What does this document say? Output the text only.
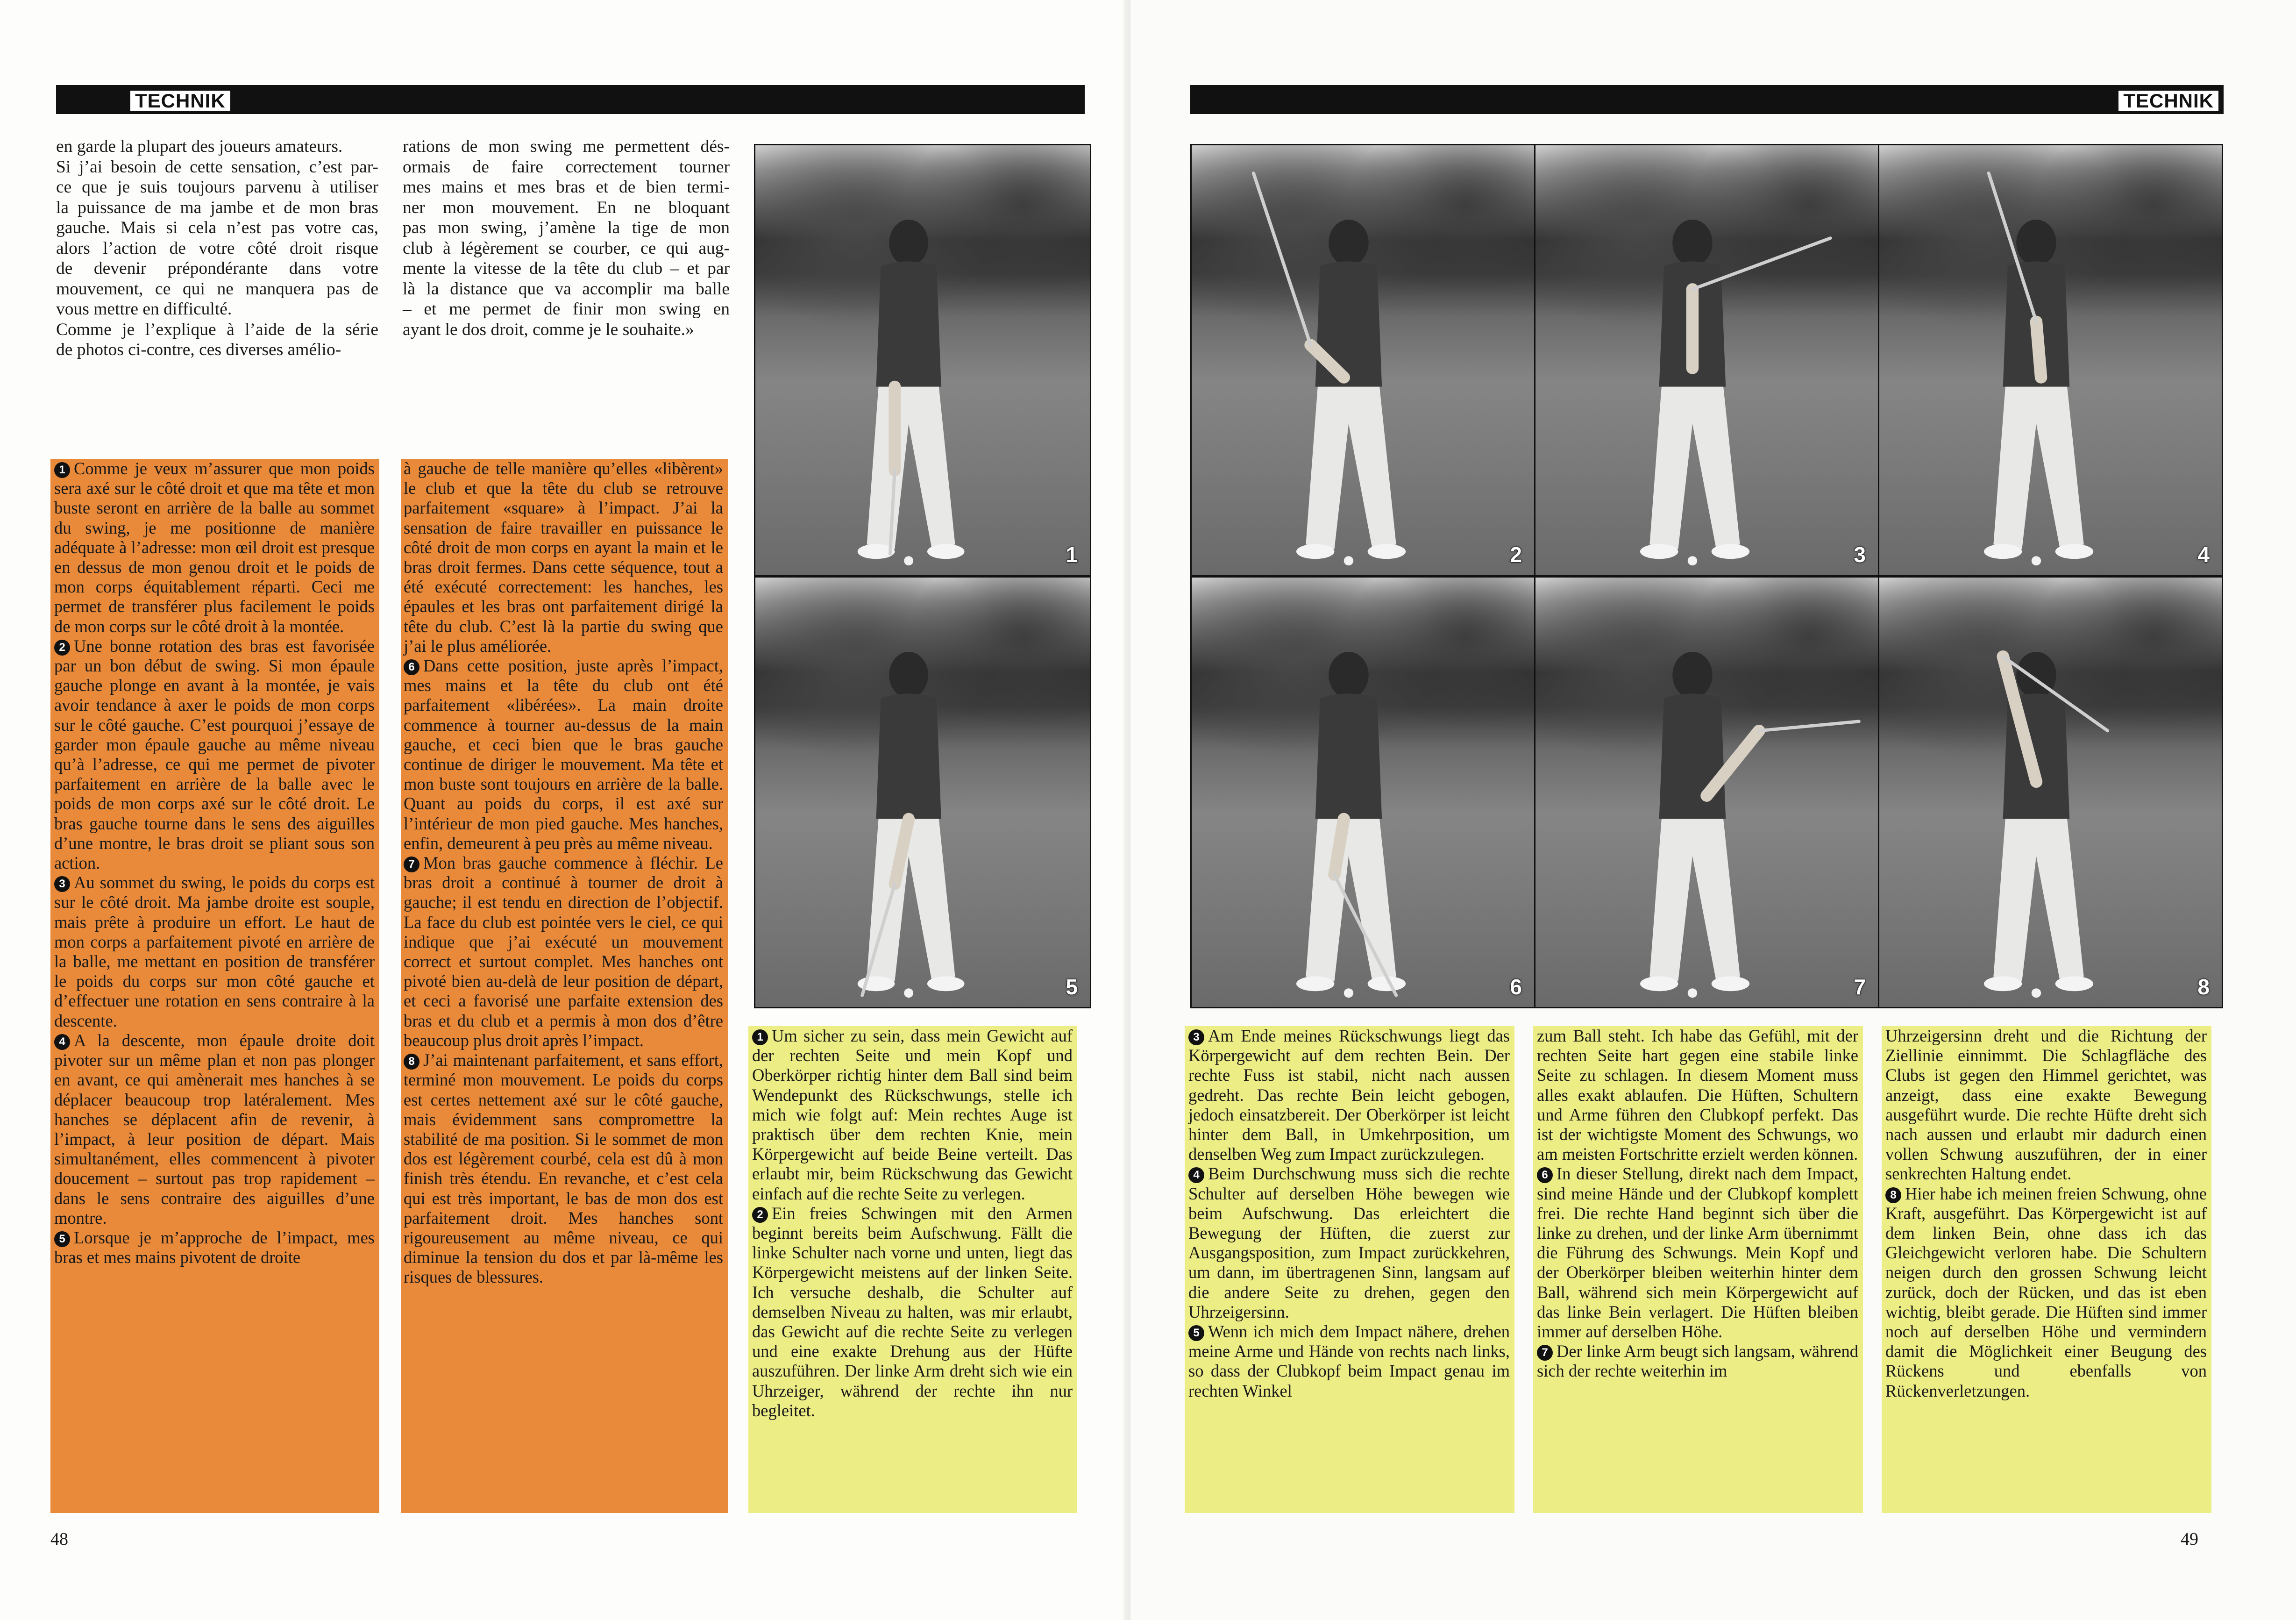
TECHNIK

en garde la plupart des joueurs amateurs.

Si j’ai besoin de cette sensation, c’est par-

ce que je suis toujours parvenu à utiliser

la puissance de ma jambe et de mon bras

gauche. Mais si cela n’est pas votre cas,

alors l’action de votre côté droit risque

de devenir prépondérante dans votre

mouvement, ce qui ne manquera pas de

vous mettre en difficulté.

Comme je l’explique à l’aide de la série

de photos ci-contre, ces diverses amélio-

rations de mon swing me permettent dés-

ormais de faire correctement tourner

mes mains et mes bras et de bien termi-

ner mon mouvement. En ne bloquant

pas mon swing, j’amène la tige de mon

club à légèrement se courber, ce qui aug-

mente la vitesse de la tête du club – et par

là la distance que va accomplir ma balle

– et me permet de finir mon swing en

ayant le dos droit, comme je le souhaite.»

1 Comme je veux m’assurer que mon poids sera axé sur le côté droit et que ma tête et mon buste seront en arrière de la balle au sommet du swing, je me positionne de manière adéquate à l’adresse: mon œil droit est presque en dessus de mon genou droit et le poids de mon corps équitablement réparti. Ceci me permet de transférer plus facilement le poids de mon corps sur le côté droit à la montée.

2 Une bonne rotation des bras est favorisée par un bon début de swing. Si mon épaule gauche plonge en avant à la montée, je vais avoir tendance à axer le poids de mon corps sur le côté gauche. C’est pourquoi j’essaye de garder mon épaule gauche au même niveau qu’à l’adresse, ce qui me permet de pivoter parfaitement en arrière de la balle avec le poids de mon corps axé sur le côté droit. Le bras gauche tourne dans le sens des aiguilles d’une montre, le bras droit se pliant sous son action.

3 Au sommet du swing, le poids du corps est sur le côté droit. Ma jambe droite est souple, mais prête à produire un effort. Le haut de mon corps a parfaitement pivoté en arrière de la balle, me mettant en position de transférer le poids du corps sur mon côté gauche et d’effectuer une rotation en sens contraire à la descente.

4 A la descente, mon épaule droite doit pivoter sur un même plan et non pas plonger en avant, ce qui amènerait mes hanches à se déplacer beaucoup trop latéralement. Mes hanches se déplacent afin de revenir, à l’impact, à leur position de départ. Mais simultanément, elles commencent à pivoter doucement – surtout pas trop rapidement – dans le sens contraire des aiguilles d’une montre.

5 Lorsque je m’approche de l’impact, mes bras et mes mains pivotent de droite

à gauche de telle manière qu’elles «libèrent» le club et que la tête du club se retrouve parfaitement «square» à l’impact. J’ai la sensation de faire travailler en puissance le côté droit de mon corps en ayant la main et le bras droit fermes. Dans cette séquence, tout a été exécuté correctement: les hanches, les épaules et les bras ont parfaitement dirigé la tête du club. C’est là la partie du swing que j’ai le plus améliorée.

6 Dans cette position, juste après l’impact, mes mains et la tête du club ont été parfaitement «libérées». La main droite commence à tourner au-dessus de la main gauche, et ceci bien que le bras gauche continue de diriger le mouvement. Ma tête et mon buste sont toujours en arrière de la balle. Quant au poids du corps, il est axé sur l’intérieur de mon pied gauche. Mes hanches, enfin, demeurent à peu près au même niveau.

7 Mon bras gauche commence à fléchir. Le bras droit a continué à tourner de droit à gauche; il est tendu en direction de l’objectif. La face du club est pointée vers le ciel, ce qui indique que j’ai exécuté un mouvement correct et surtout complet. Mes hanches ont pivoté bien au-delà de leur position de départ, et ceci a favorisé une parfaite extension des bras et du club et a permis à mon dos d’être beaucoup plus droit après l’impact.

8 J’ai maintenant parfaitement, et sans effort, terminé mon mouvement. Le poids du corps est certes nettement axé sur le côté gauche, mais évidemment sans compromettre la stabilité de ma position. Si le sommet de mon dos est légèrement courbé, cela est dû à mon finish très étendu. En revanche, et c’est cela qui est très important, le bas de mon dos est parfaitement droit. Mes hanches sont rigoureusement au même niveau, ce qui diminue la tension du dos et par là-même les risques de blessures.

1 Um sicher zu sein, dass mein Gewicht auf der rechten Seite und mein Kopf und Oberkörper richtig hinter dem Ball sind beim Wendepunkt des Rückschwungs, stelle ich mich wie folgt auf: Mein rechtes Auge ist praktisch über dem rechten Knie, mein Körpergewicht auf beide Beine verteilt. Das erlaubt mir, beim Rückschwung das Gewicht einfach auf die rechte Seite zu verlegen.

2 Ein freies Schwingen mit den Armen beginnt bereits beim Aufschwung. Fällt die linke Schulter nach vorne und unten, liegt das Körpergewicht meistens auf der linken Seite. Ich versuche deshalb, die Schulter auf demselben Niveau zu halten, was mir erlaubt, das Gewicht auf die rechte Seite zu verlegen und eine exakte Drehung aus der Hüfte auszuführen. Der linke Arm dreht sich wie ein Uhrzeiger, während der rechte ihn nur begleitet.

1
5
48
TECHNIK
2	3	4
6	7	8

3 Am Ende meines Rückschwungs liegt das Körpergewicht auf dem rechten Bein. Der rechte Fuss ist stabil, nicht nach aussen gedreht. Das rechte Bein leicht gebogen, jedoch einsatzbereit. Der Oberkörper ist leicht hinter dem Ball, in Umkehrposition, um denselben Weg zum Impact zurückzulegen.

4 Beim Durchschwung muss sich die rechte Schulter auf derselben Höhe bewegen wie beim Aufschwung. Das erleichtert die Bewegung der Hüften, die zuerst zur Ausgangsposition, zum Impact zurückkehren, um dann, im übertragenen Sinn, langsam auf die andere Seite zu drehen, gegen den Uhrzeigersinn.

5 Wenn ich mich dem Impact nähere, drehen meine Arme und Hände von rechts nach links, so dass der Clubkopf beim Impact genau im rechten Winkel

zum Ball steht. Ich habe das Gefühl, mit der rechten Seite hart gegen eine stabile linke Seite zu schlagen. In diesem Moment muss alles exakt ablaufen. Die Hüften, Schultern und Arme führen den Clubkopf perfekt. Das ist der wichtigste Moment des Schwungs, wo am meisten Fortschritte erzielt werden können.

6 In dieser Stellung, direkt nach dem Impact, sind meine Hände und der Clubkopf komplett frei. Die rechte Hand beginnt sich über die linke zu drehen, und der linke Arm übernimmt die Führung des Schwungs. Mein Kopf und der Oberkörper bleiben weiterhin hinter dem Ball, während sich mein Körpergewicht auf das linke Bein verlagert. Die Hüften bleiben immer auf derselben Höhe.

7 Der linke Arm beugt sich langsam, während sich der rechte weiterhin im

Uhrzeigersinn dreht und die Richtung der Ziellinie einnimmt. Die Schlagfläche des Clubs ist gegen den Himmel gerichtet, was anzeigt, dass eine exakte Bewegung ausgeführt wurde. Die rechte Hüfte dreht sich nach aussen und erlaubt mir dadurch einen vollen Schwung auszuführen, der in einer senkrechten Haltung endet.

8 Hier habe ich meinen freien Schwung, ohne Kraft, ausgeführt. Das Körpergewicht ist auf dem linken Bein, ohne dass ich das Gleichgewicht verloren habe. Die Schultern neigen durch den grossen Schwung leicht zurück, doch der Rücken, und das ist eben wichtig, bleibt gerade. Die Hüften sind immer noch auf derselben Höhe und vermindern damit die Möglichkeit einer Beugung des Rückens und ebenfalls von Rückenverletzungen.

49
